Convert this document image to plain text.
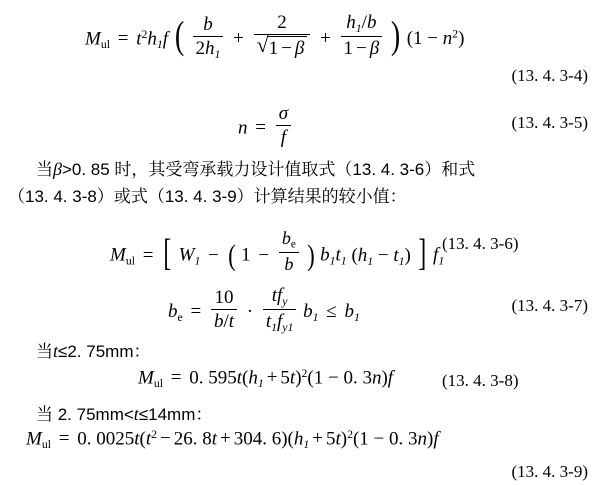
$M_{ul} = t^2h1f$ ( $\frac{b}{2h1} + \frac{2}{√ 1 - \beta} + \frac{h1/b}{1 - \beta}$ ) $(1 - n^2)$
(13. 4. 3-4)
$n = \frac{\sigma}{f}$	(13. 4. 3-5)
当β>0. 85 时，其受弯承载力设计值取式（13. 4. 3-6）和式
（13. 4. 3-8）或式（13. 4. 3-9）计算结果的较小值：
$M_{ul}$ = [ W1 − ( $1 - \frac{b_e}{b}$ ) b1t1 (h1 − t1) ] f1
(13. 4. 3-6)
$b_e = \frac{10}{b/t} \cdot \frac{\text{tfy}}{t1fy1} b1 \le b1$
(13. 4. 3-7)
当t≤2. 75mm：
$M_{ul} = 0$. $595t(h1 + 5t)^2(1 - 0$. 3n)f	(13. 4. 3-8)
当 2. 75mm<t≤14mm：
$M_{ul} = 0$. $0025t(t^2 - 26$. 8t + 304. $6)(h1 + 5t)^2(1 - 0$. 3n)f
(13. 4. 3-9)
